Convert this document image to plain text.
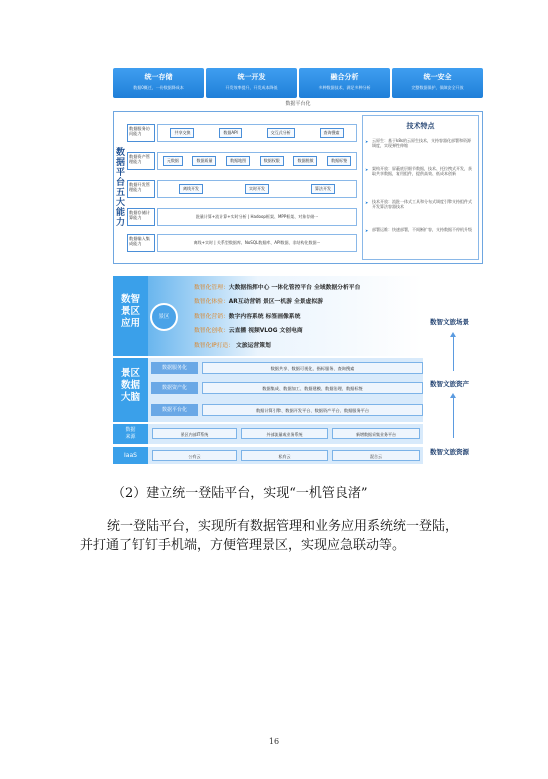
统一存储
数据0概迁，一份数据降成本
统一开发
开发效率提升，开发成本降低
融合分析
多种数据技术，满足多种分析
统一安全
完整数据保护，保障安全开放
数据平台化
数据平台五大能力
数据服务访问能力	共享交换	数据API	交互式分析	查询搜索
数据资产管理能力	元数据	数据质量	数据地图	数据权限	数据脱敏	数据标签
数据开发管理能力	离线开发	实时开发	算法开发
数据存储计算能力	批量计算+流计算+实时分析 | Hadoop框架、MPP框架、对象存储···
数据输入集成能力	离线+实时 | 关系型数据库、NoSQL数据库、API数据、非结构化数据···
技术特点
➤ 云原生：基于k8s的云原生技术，支持容器化部署和资源调度，实现弹性伸缩
➤ 架构开放：屏蔽底层细节数据，技术、托拉拽式开发，获取共享数据，复用组件，提供高效、低成本创新
➤ 技术开放：流批一体式工具和分布式调度引擎支持组件式开发算法容器技术
➤ 部署运维：快速部署，不间断扩容，支持数据不停机升级
数智景区应用
景区
数智化管理：大数据指挥中心 一体化管控平台 全域数据分析平台
数智化体验：AR互动营销 景区一机游 全景虚拟游
数智化营销：数字内容系统 标签画像系统
数智化创收：云直播 视频VLOG 文创电商
数智化IP打造： 文旅运营策划
景区数据大脑
数据服务化	数据共享、数据可视化、指标服务、查询搜索
数据资产化	数据集成、数据加工、数据建模、数据治理、数据标签
数据平台化	数据计算引擎、数据开发平台、数据资产平台、数据服务平台
数据来源	景区内部IT系统	外部流量或业务系统	新增数据采集业务平台
IaaS	公有云	私有云	混合云
数智文旅场景
数智文旅资产
数智文旅资源
（2）建立统一登陆平台，实现“一机管良渚”
统一登陆平台，实现所有数据管理和业务应用系统统一登陆，
并打通了钉钉手机端，方便管理景区，实现应急联动等。
16
